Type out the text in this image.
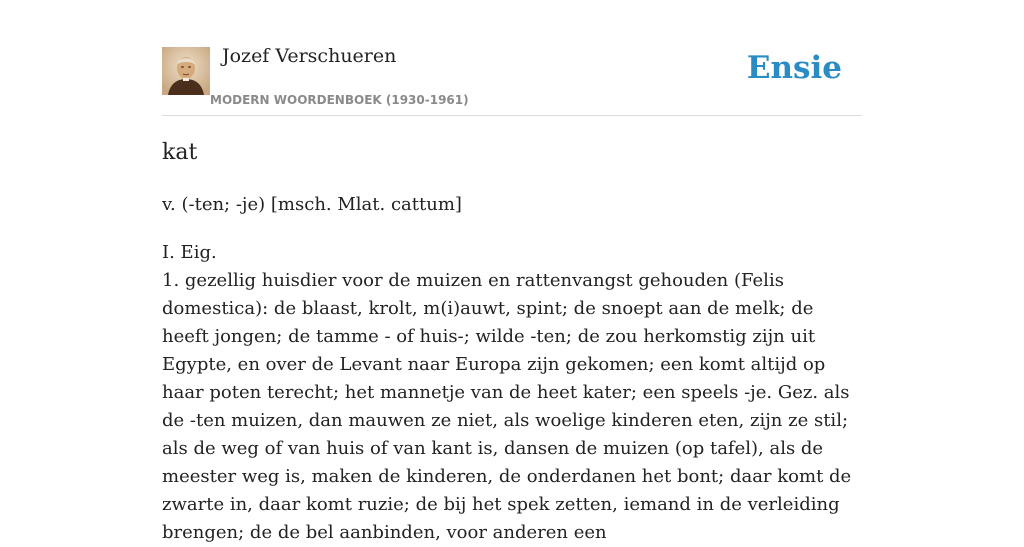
Jozef Verschueren
MODERN WOORDENBOEK (1930-1961)
Ensie
kat
v. (-ten; -je) [msch. Mlat. cattum]

I. Eig.

1. gezellig huisdier voor de muizen en rattenvangst gehouden (Felis domestica): de blaast, krolt, m(i)auwt, spint; de snoept aan de melk; de heeft jongen; de tamme - of huis-; wilde -ten; de zou herkomstig zijn uit Egypte, en over de Levant naar Europa zijn gekomen; een komt altijd op haar poten terecht; het mannetje van de heet kater; een speels -je. Gez. als de -ten muizen, dan mauwen ze niet, als woelige kinderen eten, zijn ze stil; als de weg of van huis of van kant is, dansen de muizen (op tafel), als de meester weg is, maken de kinderen, de onderdanen het bont; daar komt de zwarte in, daar komt ruzie; de bij het spek zetten, iemand in de verleiding brengen; de de bel aanbinden, voor anderen een
